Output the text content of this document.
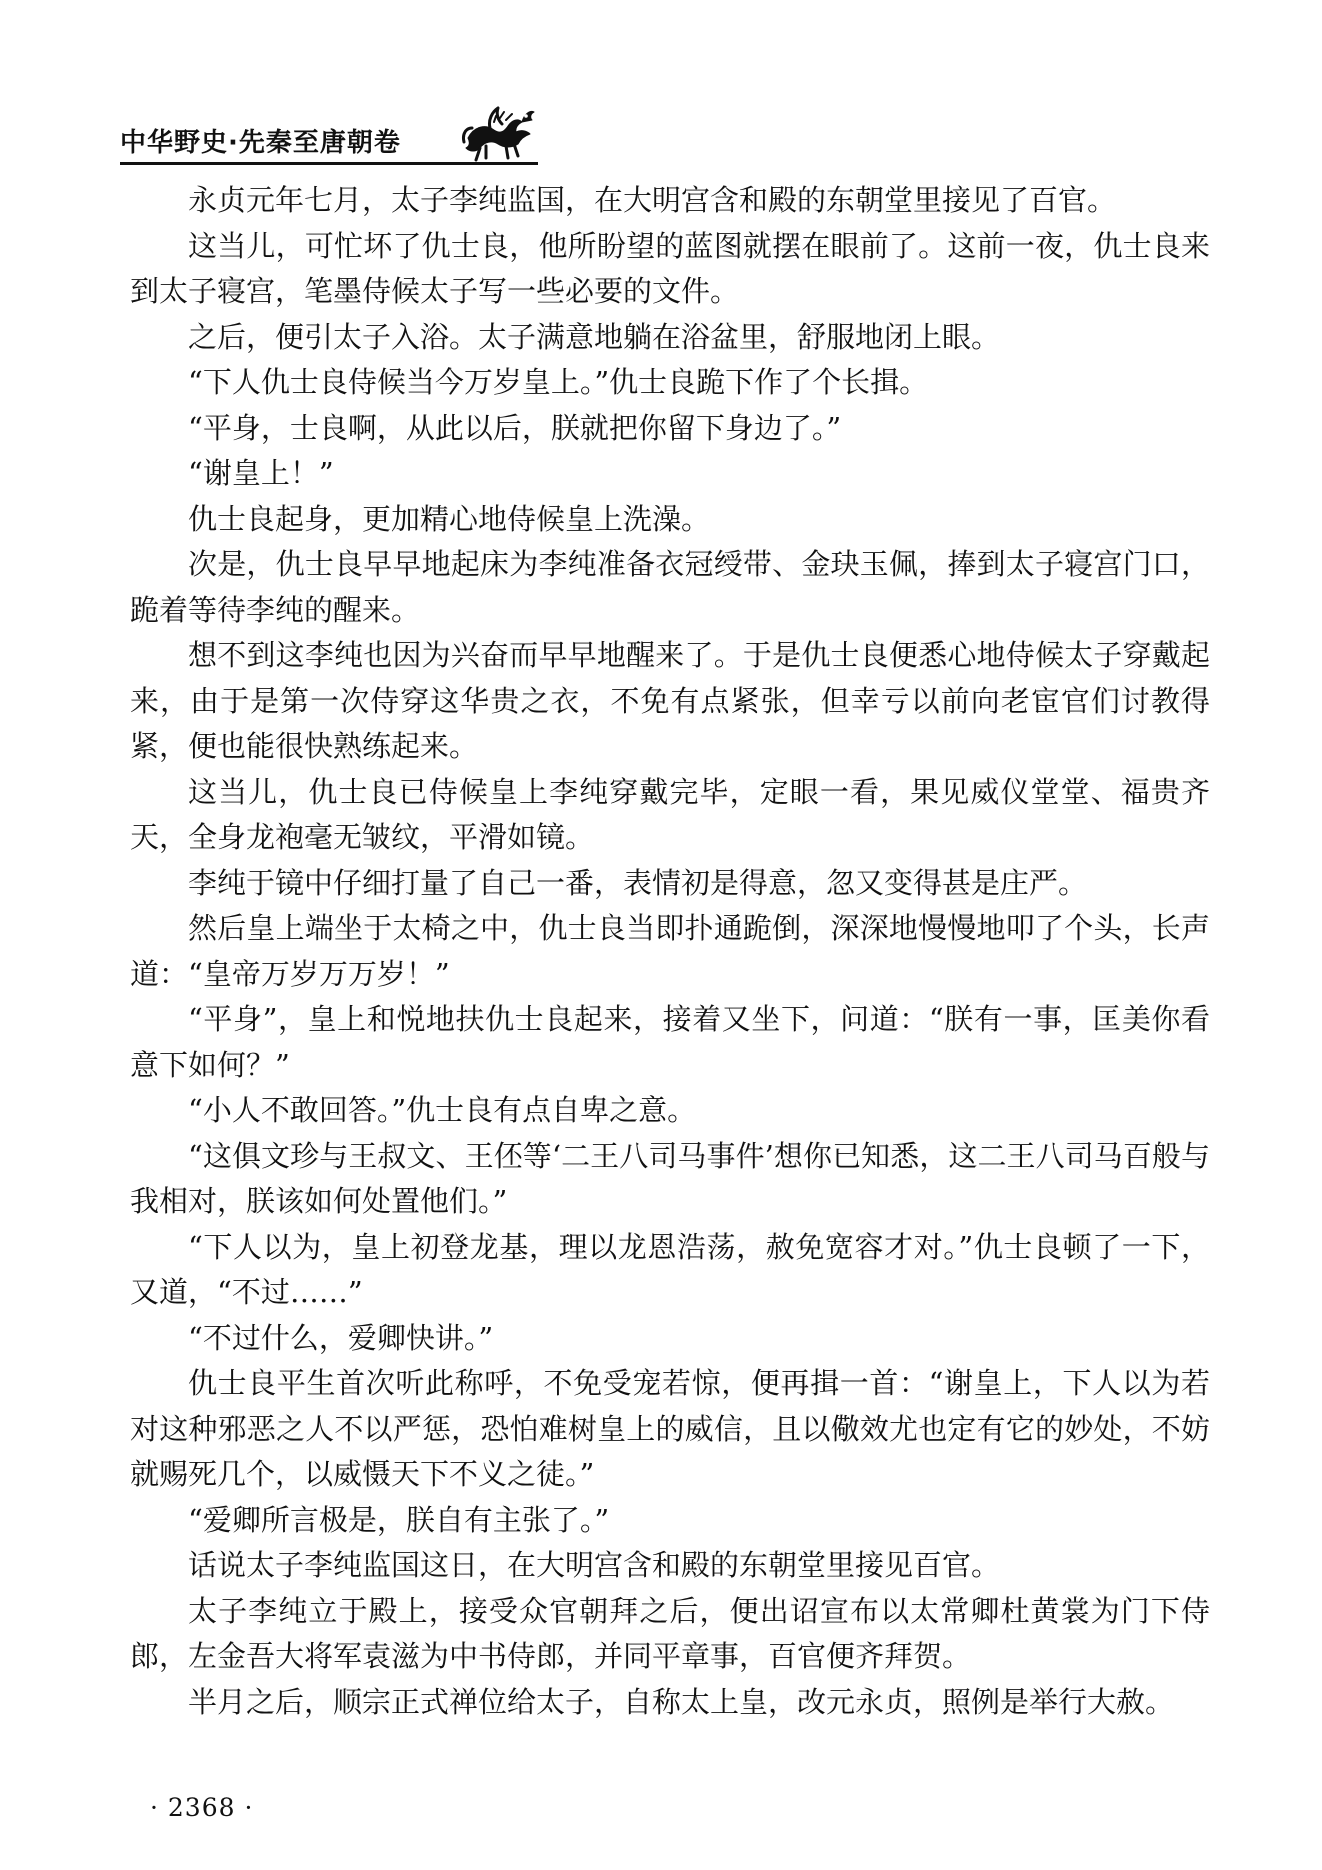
中华野史·先秦至唐朝卷

永贞元年七月，太子李纯监国，在大明宫含和殿的东朝堂里接见了百官。

这当儿，可忙坏了仇士良，他所盼望的蓝图就摆在眼前了。这前一夜，仇士良来到太子寝宫，笔墨侍候太子写一些必要的文件。

之后，便引太子入浴。太子满意地躺在浴盆里，舒服地闭上眼。

“下人仇士良侍候当今万岁皇上。”仇士良跪下作了个长揖。

“平身，士良啊，从此以后，朕就把你留下身边了。”

“谢皇上！”

仇士良起身，更加精心地侍候皇上洗澡。

次是，仇士良早早地起床为李纯准备衣冠绶带、金玦玉佩，捧到太子寝宫门口，跪着等待李纯的醒来。

想不到这李纯也因为兴奋而早早地醒来了。于是仇士良便悉心地侍候太子穿戴起来，由于是第一次侍穿这华贵之衣，不免有点紧张，但幸亏以前向老宦官们讨教得紧，便也能很快熟练起来。

这当儿，仇士良已侍候皇上李纯穿戴完毕，定眼一看，果见威仪堂堂、福贵齐天，全身龙袍毫无皱纹，平滑如镜。

李纯于镜中仔细打量了自己一番，表情初是得意，忽又变得甚是庄严。

然后皇上端坐于太椅之中，仇士良当即扑通跪倒，深深地慢慢地叩了个头，长声道：“皇帝万岁万万岁！”

“平身”，皇上和悦地扶仇士良起来，接着又坐下，问道：“朕有一事，匡美你看意下如何？”

“小人不敢回答。”仇士良有点自卑之意。

“这俱文珍与王叔文、王伾等‘二王八司马事件’想你已知悉，这二王八司马百般与我相对，朕该如何处置他们。”

“下人以为，皇上初登龙基，理以龙恩浩荡，赦免宽容才对。”仇士良顿了一下，又道，“不过……”

“不过什么，爱卿快讲。”

仇士良平生首次听此称呼，不免受宠若惊，便再揖一首：“谢皇上，下人以为若对这种邪恶之人不以严惩，恐怕难树皇上的威信，且以儆效尤也定有它的妙处，不妨就赐死几个，以威慑天下不义之徒。”

“爱卿所言极是，朕自有主张了。”

话说太子李纯监国这日，在大明宫含和殿的东朝堂里接见百官。

太子李纯立于殿上，接受众官朝拜之后，便出诏宣布以太常卿杜黄裳为门下侍郎，左金吾大将军袁滋为中书侍郎，并同平章事，百官便齐拜贺。

半月之后，顺宗正式禅位给太子，自称太上皇，改元永贞，照例是举行大赦。

· 2368 ·
